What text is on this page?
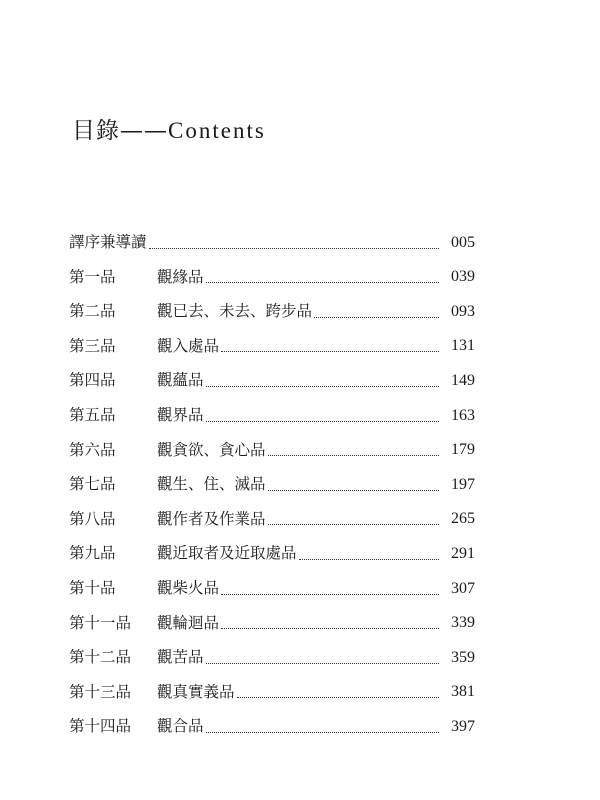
目錄——Contents
譯序兼導讀	005
第一品	觀緣品	039
第二品	觀已去、未去、跨步品	093
第三品	觀入處品	131
第四品	觀蘊品	149
第五品	觀界品	163
第六品	觀貪欲、貪心品	179
第七品	觀生、住、滅品	197
第八品	觀作者及作業品	265
第九品	觀近取者及近取處品	291
第十品	觀柴火品	307
第十一品	觀輪迴品	339
第十二品	觀苦品	359
第十三品	觀真實義品	381
第十四品	觀合品	397
